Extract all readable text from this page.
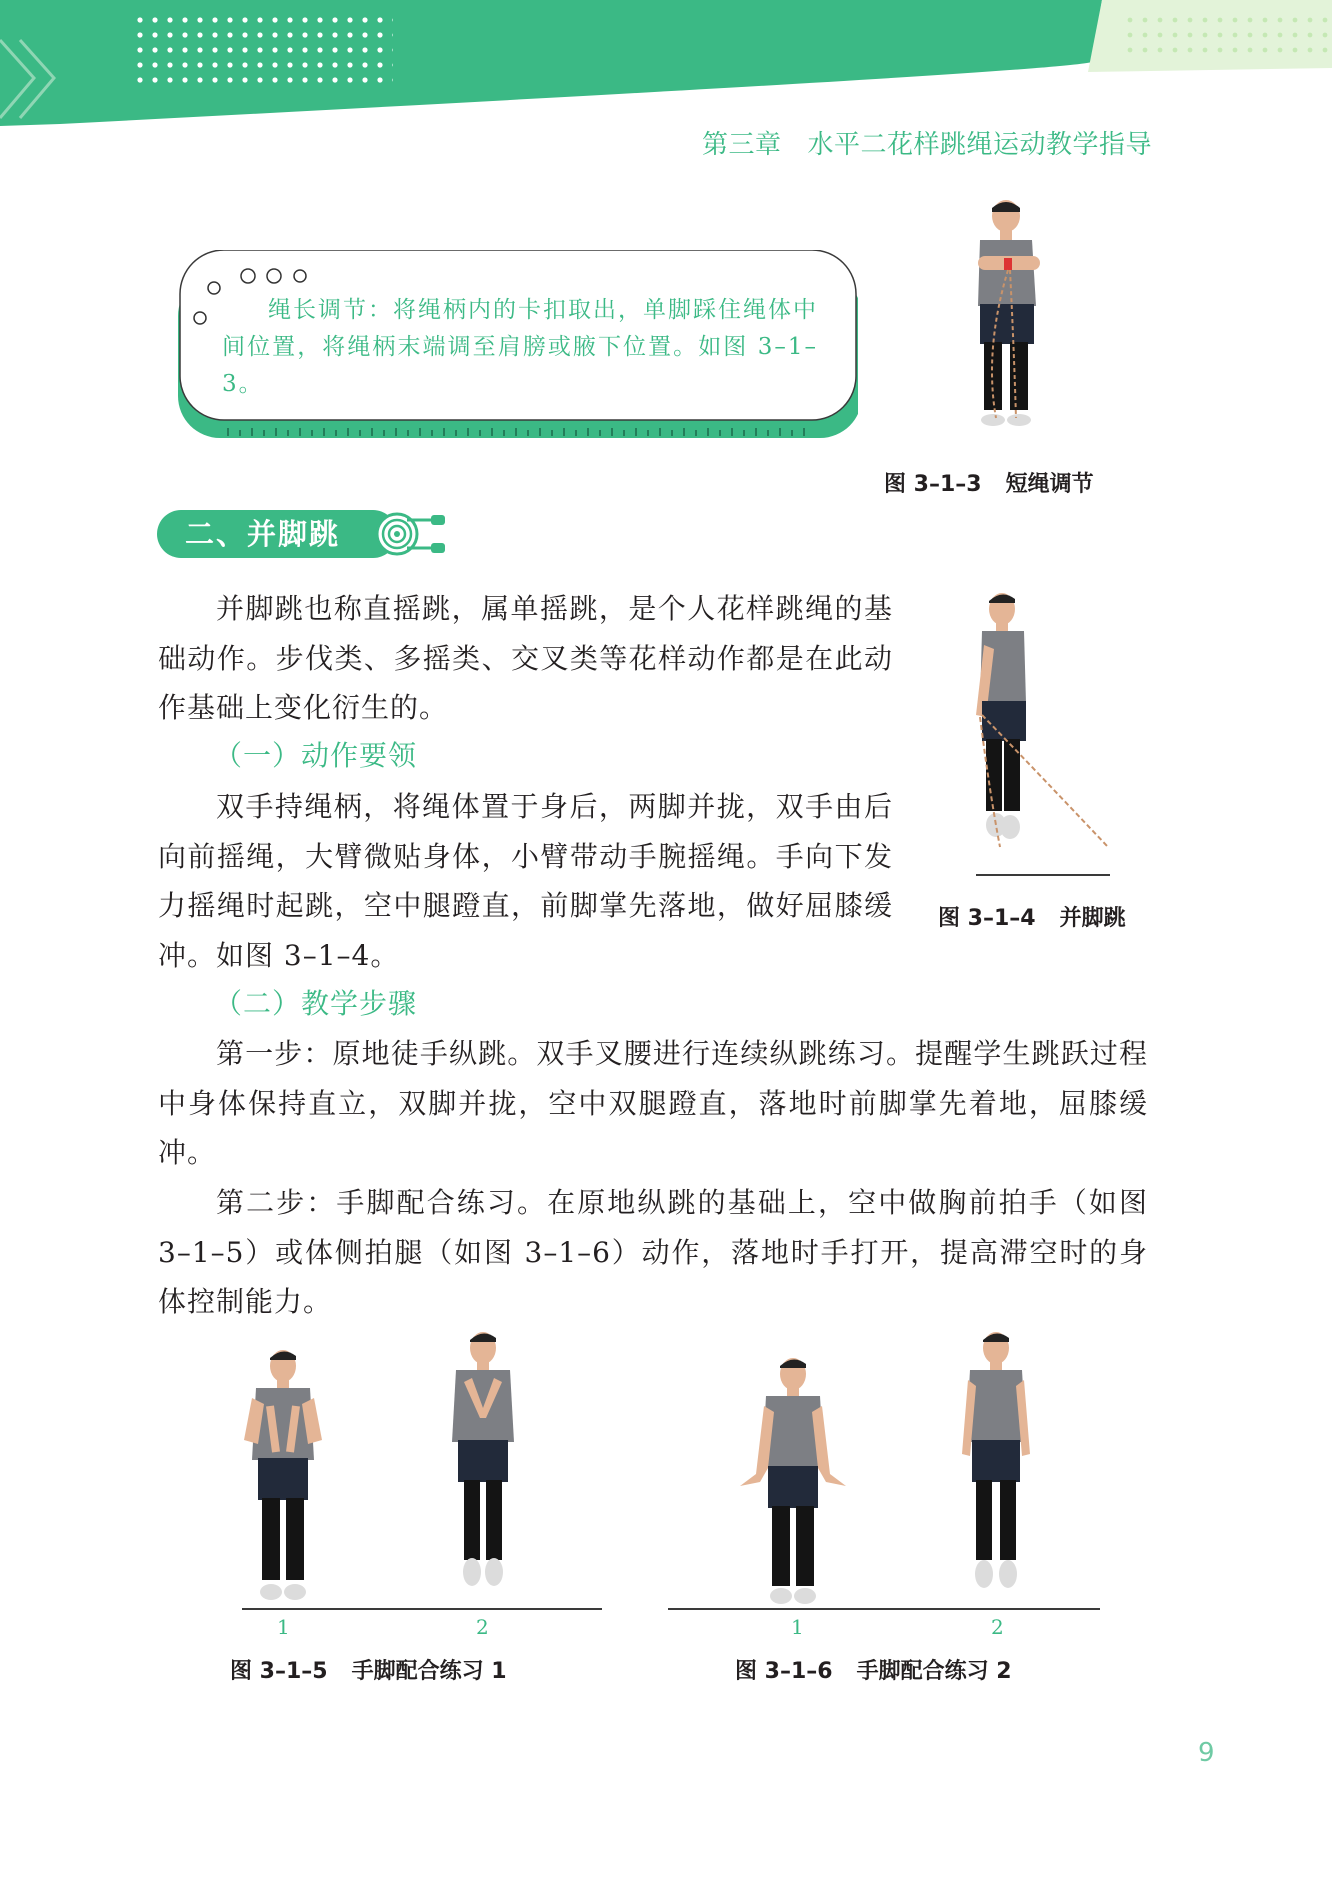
第三章 水平二花样跳绳运动教学指导
绳长调节：将绳柄内的卡扣取出，单脚踩住绳体中间位置，将绳柄末端调至肩膀或腋下位置。如图 3–1–3。
图 3–1–3 短绳调节
二、并脚跳
并脚跳也称直摇跳，属单摇跳，是个人花样跳绳的基础动作。步伐类、多摇类、交叉类等花样动作都是在此动作基础上变化衍生的。
（一）动作要领
双手持绳柄，将绳体置于身后，两脚并拢，双手由后向前摇绳，大臂微贴身体，小臂带动手腕摇绳。手向下发力摇绳时起跳，空中腿蹬直，前脚掌先落地，做好屈膝缓冲。如图 3–1–4。
（二）教学步骤
第一步：原地徒手纵跳。双手叉腰进行连续纵跳练习。提醒学生跳跃过程中身体保持直立，双脚并拢，空中双腿蹬直，落地时前脚掌先着地，屈膝缓冲。
第二步：手脚配合练习。在原地纵跳的基础上，空中做胸前拍手（如图 3–1–5）或体侧拍腿（如图 3–1–6）动作，落地时手打开，提高滞空时的身体控制能力。
图 3–1–4 并脚跳
1	2
图 3–1–5 手脚配合练习 1
1	2
图 3–1–6 手脚配合练习 2
9
